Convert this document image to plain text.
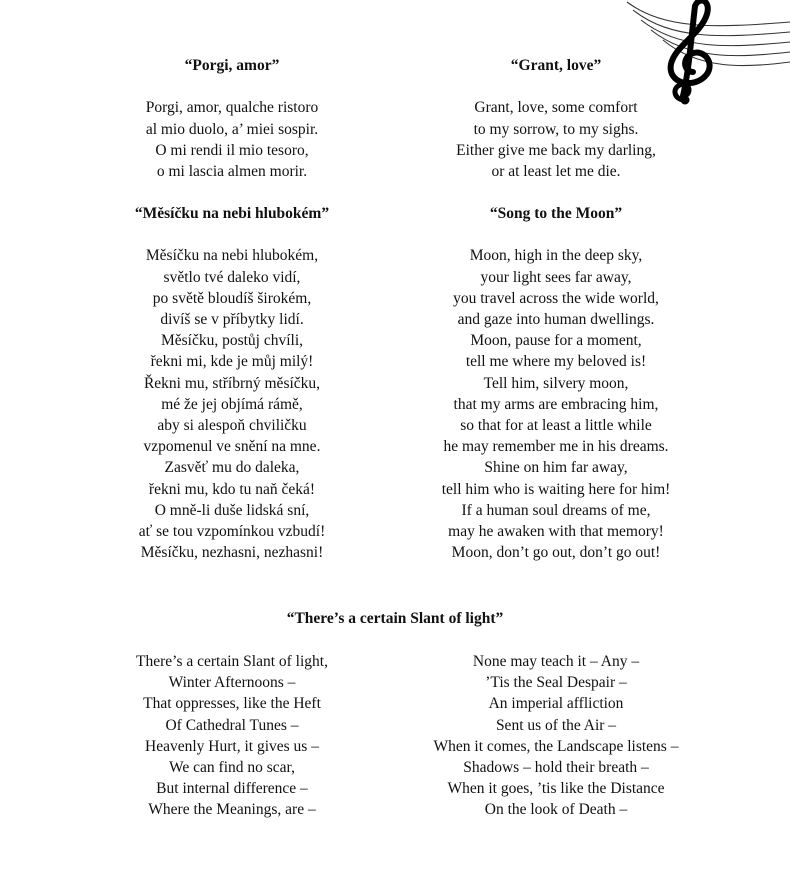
“Porgi, amor”
Porgi, amor, qualche ristoro
al mio duolo, a’ miei sospir.
O mi rendi il mio tesoro,
o mi lascia almen morir.
“Grant, love”
Grant, love, some comfort
to my sorrow, to my sighs.
Either give me back my darling,
or at least let me die.
“Měsíčku na nebi hlubokém”
Měsíčku na nebi hlubokém,
světlo tvé daleko vidí,
po světě bloudíš širokém,
divíš se v příbytky lidí.
Měsíčku, postůj chvíli,
řekni mi, kde je můj milý!
Řekni mu, stříbrný měsíčku,
mé že jej objímá rámě,
aby si alespoň chviličku
vzpomenul ve snění na mne.
Zasvěť mu do daleka,
řekni mu, kdo tu naň čeká!
O mně-li duše lidská sní,
ať se tou vzpomínkou vzbudí!
Měsíčku, nezhasni, nezhasni!
“Song to the Moon”
Moon, high in the deep sky,
your light sees far away,
you travel across the wide world,
and gaze into human dwellings.
Moon, pause for a moment,
tell me where my beloved is!
Tell him, silvery moon,
that my arms are embracing him,
so that for at least a little while
he may remember me in his dreams.
Shine on him far away,
tell him who is waiting here for him!
If a human soul dreams of me,
may he awaken with that memory!
Moon, don’t go out, don’t go out!
“There’s a certain Slant of light”
There’s a certain Slant of light,
Winter Afternoons –
That oppresses, like the Heft
Of Cathedral Tunes –
Heavenly Hurt, it gives us –
We can find no scar,
But internal difference –
Where the Meanings, are –
None may teach it – Any –
’Tis the Seal Despair –
An imperial affliction
Sent us of the Air –
When it comes, the Landscape listens –
Shadows – hold their breath –
When it goes, ’tis like the Distance
On the look of Death –
